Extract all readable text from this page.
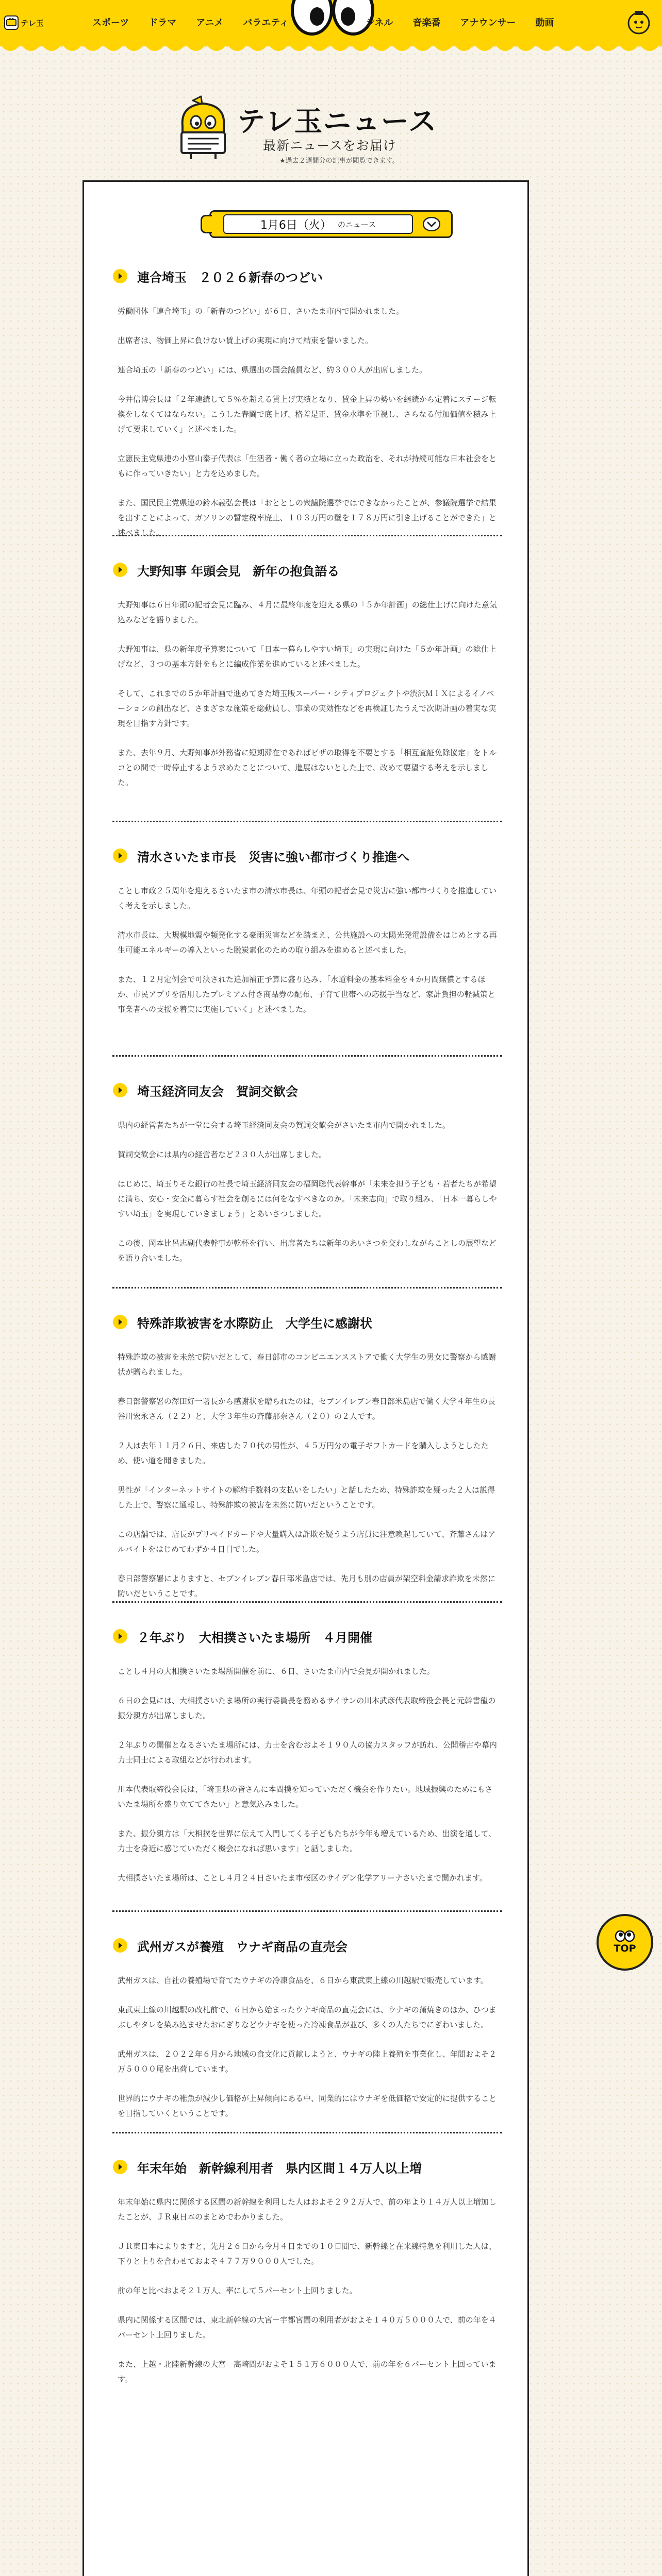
テレ玉	スポーツ	ドラマ	アニメ	バラエティ	シネル	音楽番	アナウンサー	動画
テレ玉ニュース

最新ニュースをお届け

★過去２週間分の記事が閲覧できます。

1月6日（火） のニュース
連合埼玉　２０２６新春のつどい

労働団体「連合埼玉」の「新春のつどい」が６日、さいたま市内で開かれました。

出席者は、物価上昇に負けない賃上げの実現に向けて結束を誓いました。

連合埼玉の「新春のつどい」には、県選出の国会議員など、約３００人が出席しました。

今井信博会長は「２年連続して５％を超える賃上げ実績となり、賃金上昇の勢いを継続から定着にステージ転換をしなくてはならない。こうした春闘で底上げ、格差是正、賃金水準を重視し、さらなる付加価値を積み上げて要求していく」と述べました。

立憲民主党県連の小宮山泰子代表は「生活者・働く者の立場に立った政治を、それが持続可能な日本社会をともに作っていきたい」と力を込めました。

また、国民民主党県連の鈴木義弘会長は「おととしの衆議院選挙ではできなかったことが、参議院選挙で結果を出すことによって、ガソリンの暫定税率廃止、１０３万円の壁を１７８万円に引き上げることができた」と述べました。

大野知事 年頭会見　新年の抱負語る

大野知事は６日年頭の記者会見に臨み、４月に最終年度を迎える県の「５か年計画」の総仕上げに向けた意気込みなどを語りました。

大野知事は、県の新年度予算案について「日本一暮らしやすい埼玉」の実現に向けた「５か年計画」の総仕上げなど、３つの基本方針をもとに編成作業を進めていると述べました。

そして、これまでの５か年計画で進めてきた埼玉版スーパー・シティプロジェクトや渋沢ＭＩＸによるイノベーションの創出など、さまざまな施策を総動員し、事業の実効性などを再検証したうえで次期計画の着実な実現を目指す方針です。

また、去年９月、大野知事が外務省に短期滞在であればビザの取得を不要とする「相互査証免除協定」をトルコとの間で一時停止するよう求めたことについて、進展はないとした上で、改めて要望する考えを示しました。

清水さいたま市長　災害に強い都市づくり推進へ

ことし市政２５周年を迎えるさいたま市の清水市長は、年頭の記者会見で災害に強い都市づくりを推進していく考えを示しました。

清水市長は、大規模地震や頻発化する豪雨災害などを踏まえ、公共施設への太陽光発電設備をはじめとする再生可能エネルギーの導入といった脱炭素化のための取り組みを進めると述べました。

また、１２月定例会で可決された追加補正予算に盛り込み、「水道料金の基本料金を４か月間無償とするほか、市民アプリを活用したプレミアム付き商品券の配布、子育て世帯への応援手当など、家計負担の軽減策と事業者への支援を着実に実施していく」と述べました。

埼玉経済同友会　賀詞交歓会

県内の経営者たちが一堂に会する埼玉経済同友会の賀詞交歓会がさいたま市内で開かれました。

賀詞交歓会には県内の経営者など２３０人が出席しました。

はじめに、埼玉りそな銀行の社長で埼玉経済同友会の福岡聡代表幹事が「未来を担う子ども・若者たちが希望に満ち、安心・安全に暮らす社会を創るには何をなすべきなのか。「未来志向」で取り組み、「日本一暮らしやすい埼玉」を実現していきましょう」とあいさつしました。

この後、岡本比呂志副代表幹事が乾杯を行い、出席者たちは新年のあいさつを交わしながらことしの展望などを語り合いました。

特殊詐欺被害を水際防止　大学生に感謝状

特殊詐欺の被害を未然で防いだとして、春日部市のコンビニエンスストアで働く大学生の男女に警察から感謝状が贈られました。

春日部警察署の澤田好一署長から感謝状を贈られたのは、セブンイレブン春日部米島店で働く大学４年生の長谷川宏永さん（２２）と、大学３年生の斉藤那奈さん（２０）の２人です。

２人は去年１１月２６日、来店した７０代の男性が、４５万円分の電子ギフトカードを購入しようとしたため、使い道を聞きました。

男性が「インターネットサイトの解約手数料の支払いをしたい」と話したため、特殊詐欺を疑った２人は説得した上で、警察に通報し、特殊詐欺の被害を未然に防いだということです。

この店舗では、店長がプリペイドカードや大量購入は詐欺を疑うよう店員に注意喚起していて、斉藤さんはアルバイトをはじめてわずか４日目でした。

春日部警察署によりますと、セブンイレブン春日部米島店では、先月も別の店員が架空料金請求詐欺を未然に防いだということです。

２年ぶり　大相撲さいたま場所　４月開催

ことし４月の大相撲さいたま場所開催を前に、６日、さいたま市内で会見が開かれました。

６日の会見には、大相撲さいたま場所の実行委員長を務めるサイサンの川本武彦代表取締役会長と元幹書龍の振分親方が出席しました。

２年ぶりの開催となるさいたま場所には、力士を含むおよそ１９０人の協力スタッフが訪れ、公開稽古や幕内力士同士による取組などが行われます。

川本代表取締役会長は、「埼玉県の皆さんに本間撲を知っていただく機会を作りたい。地域振興のためにもさいたま場所を盛り立ててきたい」と意気込みました。

また、振分親方は「大相撲を世界に伝えて入門してくる子どもたちが今年も増えているため、出演を通して、力士を身近に感じていただく機会になれば思います」と話しました。

大相撲さいたま場所は、ことし４月２４日さいたま市桜区のサイデン化学アリーナさいたまで開かれます。

武州ガスが養殖　ウナギ商品の直売会

武州ガスは、自社の養殖場で育てたウナギの冷凍食品を、６日から東武東上線の川越駅で販売しています。

東武東上線の川越駅の改札前で、６日から始まったウナギ商品の直売会には、ウナギの蒲焼きのほか、ひつまぶしやタレを染み込ませたおにぎりなどウナギを使った冷凍食品が並び、多くの人たちでにぎわいました。

武州ガスは、２０２２年６月から地域の食文化に貢献しようと、ウナギの陸上養殖を事業化し、年間およそ２万５０００尾を出荷しています。

世界的にウナギの稚魚が減少し価格が上昇傾向にある中、同業的にはウナギを低価格で安定的に提供することを目指していくということです。

年末年始　新幹線利用者　県内区間１４万人以上増

年末年始に県内に関係する区間の新幹線を利用した人はおよそ２９２万人で、前の年より１４万人以上増加したことが、ＪＲ東日本のまとめでわかりました。

ＪＲ東日本によりますと、先月２６日から今月４日までの１０日間で、新幹線と在来線特急を利用した人は、下りと上りを合わせておよそ４７７万９０００人でした。

前の年と比べおよそ２１万人、率にして５パーセント上回りました。

県内に関係する区間では、東北新幹線の大宮－宇都宮間の利用者がおよそ１４０万５０００人で、前の年を４パーセント上回りました。

また、上越・北陸新幹線の大宮－高崎間がおよそ１５１万６０００人で、前の年を６パーセント上回っています。

TOP
